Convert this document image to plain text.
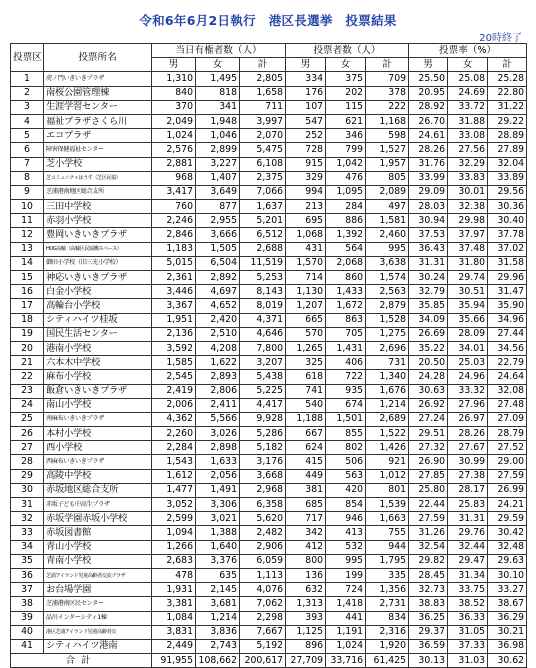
令和6年6月2日執行　港区長選挙　投票結果
20時終了
投票区	投票所名	当日有権者数（人）			投票者数（人）			投票率（%）		
		男	女	計	男	女	計	男	女	計
1	虎ノ門いきいきプラザ	1,310	1,495	2,805	334	375	709	25.50	25.08	25.28
2	南桜公園管理棟	840	818	1,658	176	202	378	20.95	24.69	22.80
3	生涯学習センター	370	341	711	107	115	222	28.92	33.72	31.22
4	福祉プラザさくら川	2,049	1,948	3,997	547	621	1,168	26.70	31.88	29.22
5	エコプラザ	1,024	1,046	2,070	252	346	598	24.61	33.08	28.89
6	障害保健福祉センター	2,576	2,899	5,475	728	799	1,527	28.26	27.56	27.89
7	芝小学校	2,881	3,227	6,108	915	1,042	1,957	31.76	32.29	32.04
8	芝コミュニティはうす（芝区民協）	968	1,407	2,375	329	476	805	33.99	33.83	33.89
9	芝浦港南地区総合支所	3,417	3,649	7,066	994	1,095	2,089	29.09	30.01	29.56
10	三田中学校	760	877	1,637	213	284	497	28.03	32.38	30.36
11	赤羽小学校	2,246	2,955	5,201	695	886	1,581	30.94	29.98	30.40
12	豊岡いきいきプラザ	2,846	3,666	6,512	1,068	1,392	2,460	37.53	37.97	37.78
13	HUG高輪（高輪区民協働スペース）	1,183	1,505	2,688	431	564	995	36.43	37.48	37.02
14	御田小学校（旧三光小学校）	5,015	6,504	11,519	1,570	2,068	3,638	31.31	31.80	31.58
15	神応いきいきプラザ	2,361	2,892	5,253	714	860	1,574	30.24	29.74	29.96
16	白金小学校	3,446	4,697	8,143	1,130	1,433	2,563	32.79	30.51	31.47
17	高輪台小学校	3,367	4,652	8,019	1,207	1,672	2,879	35.85	35.94	35.90
18	シティハイツ桂坂	1,951	2,420	4,371	665	863	1,528	34.09	35.66	34.96
19	国民生活センター	2,136	2,510	4,646	570	705	1,275	26.69	28.09	27.44
20	港南小学校	3,592	4,208	7,800	1,265	1,431	2,696	35.22	34.01	34.56
21	六本木中学校	1,585	1,622	3,207	325	406	731	20.50	25.03	22.79
22	麻布小学校	2,545	2,893	5,438	618	722	1,340	24.28	24.96	24.64
23	飯倉いきいきプラザ	2,419	2,806	5,225	741	935	1,676	30.63	33.32	32.08
24	南山小学校	2,006	2,411	4,417	540	674	1,214	26.92	27.96	27.48
25	南麻布いきいきプラザ	4,362	5,566	9,928	1,188	1,501	2,689	27.24	26.97	27.09
26	本村小学校	2,260	3,026	5,286	667	855	1,522	29.51	28.26	28.79
27	西小学校	2,284	2,898	5,182	624	802	1,426	27.32	27.67	27.52
28	西麻布いきいきプラザ	1,543	1,633	3,176	415	506	921	26.90	30.99	29.00
29	高陵中学校	1,612	2,056	3,668	449	563	1,012	27.85	27.38	27.59
30	赤坂地区総合支所	1,477	1,491	2,968	381	420	801	25.80	28.17	26.99
31	赤坂子ども中高生プラザ	3,052	3,306	6,358	685	854	1,539	22.44	25.83	24.21
32	赤坂学園赤坂小学校	2,599	3,021	5,620	717	946	1,663	27.59	31.31	29.59
33	赤坂図書館	1,094	1,388	2,482	342	413	755	31.26	29.76	30.42
34	青山小学校	1,266	1,640	2,906	412	532	944	32.54	32.44	32.48
35	青南小学校	2,683	3,376	6,059	800	995	1,795	29.82	29.47	29.63
36	芝浦アイランド児童高齢者交流プラザ	478	635	1,113	136	199	335	28.45	31.34	30.10
37	お台場学園	1,931	2,145	4,076	632	724	1,356	32.73	33.75	33.27
38	芝浦港南区民センター	3,381	3,681	7,062	1,313	1,418	2,731	38.83	38.52	38.67
39	品川インターシティ1棟	1,084	1,214	2,298	393	441	834	36.25	36.33	36.29
40	港区芝浦アイランド児童高齢者交	3,831	3,836	7,667	1,125	1,191	2,316	29.37	31.05	30.21
41	シティハイツ港南	2,449	2,743	5,192	896	1,024	1,920	36.59	37.33	36.98
合計		91,955	108,662	200,617	27,709	33,716	61,425	30.13	31.03	30.62
